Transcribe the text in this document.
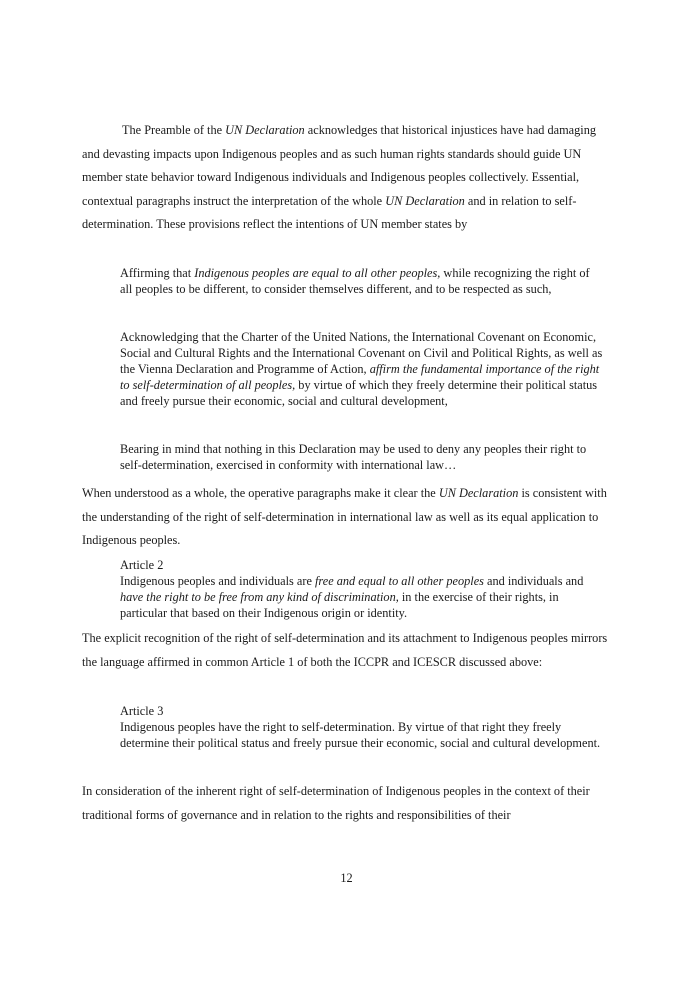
The Preamble of the UN Declaration acknowledges that historical injustices have had damaging and devasting impacts upon Indigenous peoples and as such human rights standards should guide UN member state behavior toward Indigenous individuals and Indigenous peoples collectively. Essential, contextual paragraphs instruct the interpretation of the whole UN Declaration and in relation to self-determination. These provisions reflect the intentions of UN member states by

Affirming that Indigenous peoples are equal to all other peoples, while recognizing the right of all peoples to be different, to consider themselves different, and to be respected as such,

Acknowledging that the Charter of the United Nations, the International Covenant on Economic, Social and Cultural Rights and the International Covenant on Civil and Political Rights, as well as the Vienna Declaration and Programme of Action, affirm the fundamental importance of the right to self-determination of all peoples, by virtue of which they freely determine their political status and freely pursue their economic, social and cultural development,

Bearing in mind that nothing in this Declaration may be used to deny any peoples their right to self-determination, exercised in conformity with international law…

When understood as a whole, the operative paragraphs make it clear the UN Declaration is consistent with the understanding of the right of self-determination in international law as well as its equal application to Indigenous peoples.

Article 2
Indigenous peoples and individuals are free and equal to all other peoples and individuals and have the right to be free from any kind of discrimination, in the exercise of their rights, in particular that based on their Indigenous origin or identity.

The explicit recognition of the right of self-determination and its attachment to Indigenous peoples mirrors the language affirmed in common Article 1 of both the ICCPR and ICESCR discussed above:

Article 3
Indigenous peoples have the right to self-determination. By virtue of that right they freely determine their political status and freely pursue their economic, social and cultural development.

In consideration of the inherent right of self-determination of Indigenous peoples in the context of their traditional forms of governance and in relation to the rights and responsibilities of their

12
